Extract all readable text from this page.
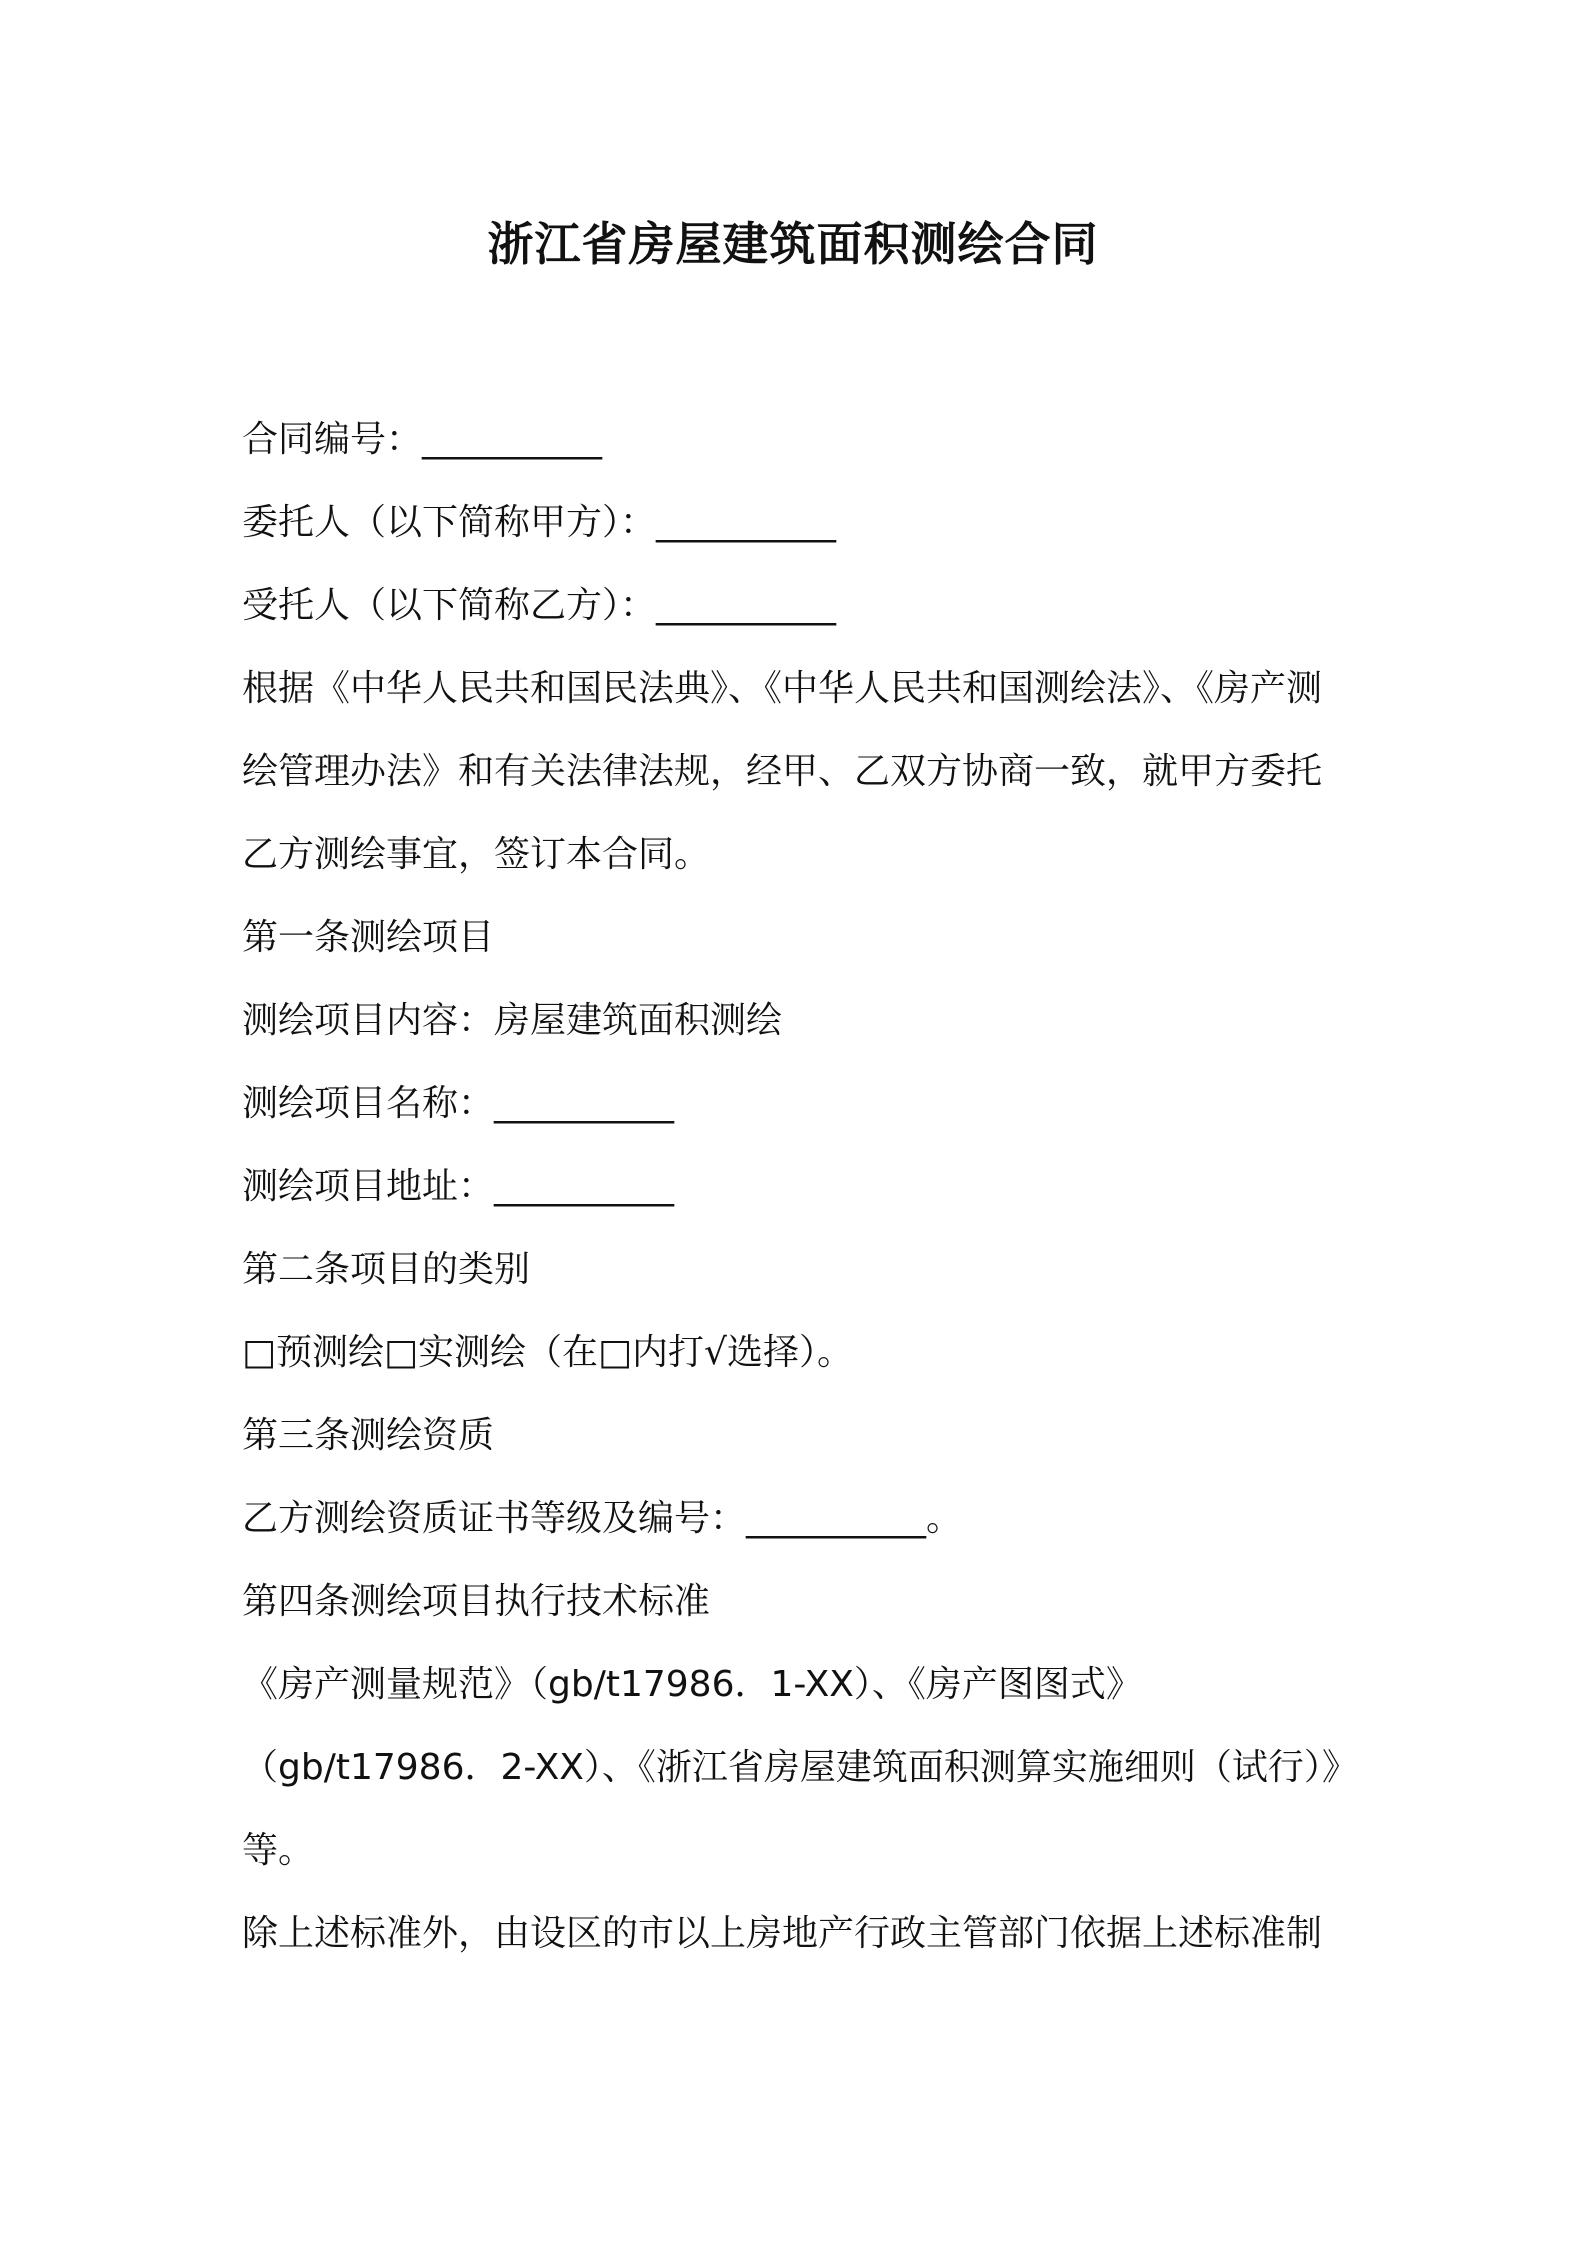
浙江省房屋建筑面积测绘合同
合同编号：__________
委托人（以下简称甲方）：__________
受托人（以下简称乙方）：__________
根据《中华人民共和国民法典》、《中华人民共和国测绘法》、《房产测
绘管理办法》和有关法律法规，经甲、乙双方协商一致，就甲方委托
乙方测绘事宜，签订本合同。
第一条测绘项目
测绘项目内容：房屋建筑面积测绘
测绘项目名称：__________
测绘项目地址：__________
第二条项目的类别
□预测绘□实测绘（在□内打√选择）。
第三条测绘资质
乙方测绘资质证书等级及编号：__________。
第四条测绘项目执行技术标准
《房产测量规范》（gb/t17986．1-XX）、《房产图图式》
（gb/t17986．2-XX）、《浙江省房屋建筑面积测算实施细则（试行）》
等。
除上述标准外，由设区的市以上房地产行政主管部门依据上述标准制
